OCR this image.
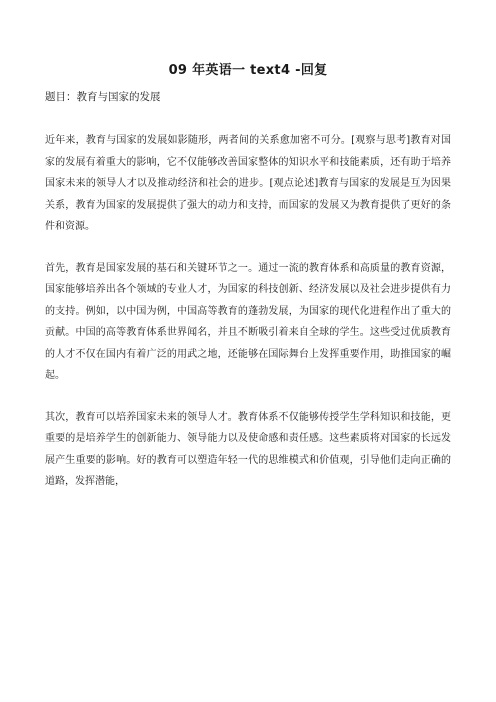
09 年英语一 text4 -回复
题目：教育与国家的发展

近年来，教育与国家的发展如影随形，两者间的关系愈加密不可分。[观察与思考]教育对国家的发展有着重大的影响，它不仅能够改善国家整体的知识水平和技能素质，还有助于培养国家未来的领导人才以及推动经济和社会的进步。[观点论述]教育与国家的发展是互为因果关系，教育为国家的发展提供了强大的动力和支持，而国家的发展又为教育提供了更好的条件和资源。

首先，教育是国家发展的基石和关键环节之一。通过一流的教育体系和高质量的教育资源，国家能够培养出各个领域的专业人才，为国家的科技创新、经济发展以及社会进步提供有力的支持。例如，以中国为例，中国高等教育的蓬勃发展，为国家的现代化进程作出了重大的贡献。中国的高等教育体系世界闻名，并且不断吸引着来自全球的学生。这些受过优质教育的人才不仅在国内有着广泛的用武之地，还能够在国际舞台上发挥重要作用，助推国家的崛起。

其次，教育可以培养国家未来的领导人才。教育体系不仅能够传授学生学科知识和技能，更重要的是培养学生的创新能力、领导能力以及使命感和责任感。这些素质将对国家的长远发展产生重要的影响。好的教育可以塑造年轻一代的思维模式和价值观，引导他们走向正确的道路，发挥潜能，
